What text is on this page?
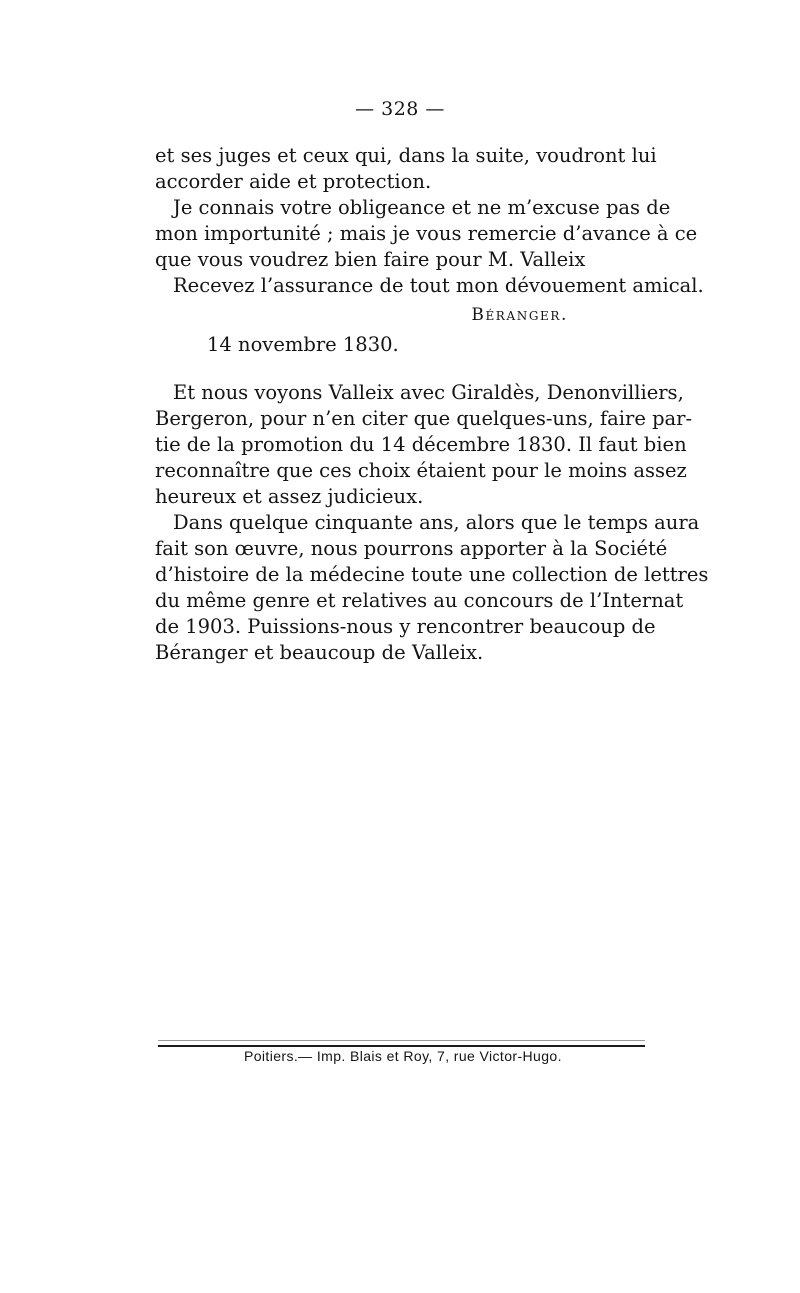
— 328 —
et ses juges et ceux qui, dans la suite, voudront lui
accorder aide et protection.
Je connais votre obligeance et ne m’excuse pas de
mon importunité ; mais je vous remercie d’avance à ce
que vous voudrez bien faire pour M. Valleix
Recevez l’assurance de tout mon dévouement amical.
Béranger.
14 novembre 1830.
Et nous voyons Valleix avec Giraldès, Denonvilliers,
Bergeron, pour n’en citer que quelques-uns, faire par-
tie de la promotion du 14 décembre 1830. Il faut bien
reconnaître que ces choix étaient pour le moins assez
heureux et assez judicieux.
Dans quelque cinquante ans, alors que le temps aura
fait son œuvre, nous pourrons apporter à la Société
d’histoire de la médecine toute une collection de lettres
du même genre et relatives au concours de l’Internat
de 1903. Puissions-nous y rencontrer beaucoup de
Béranger et beaucoup de Valleix.
Poitiers.— Imp. Blais et Roy, 7, rue Victor-Hugo.
